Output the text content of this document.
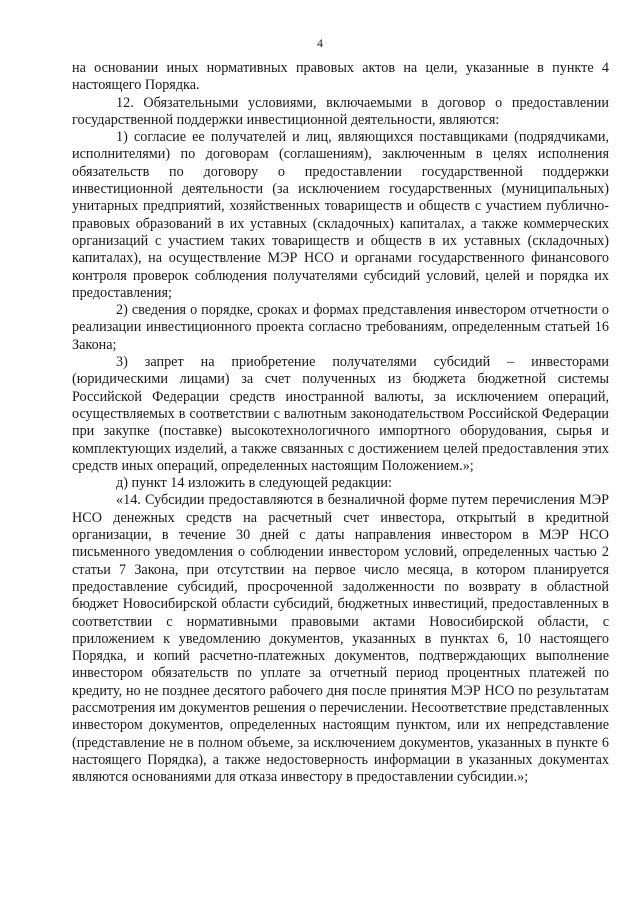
4

на основании иных нормативных правовых актов на цели, указанные в пункте 4 настоящего Порядка.

12. Обязательными условиями, включаемыми в договор о предоставлении государственной поддержки инвестиционной деятельности, являются:

1) согласие ее получателей и лиц, являющихся поставщиками (подрядчиками, исполнителями) по договорам (соглашениям), заключенным в целях исполнения обязательств по договору о предоставлении государственной поддержки инвестиционной деятельности (за исключением государственных (муниципальных) унитарных предприятий, хозяйственных товариществ и обществ с участием публично-правовых образований в их уставных (складочных) капиталах, а также коммерческих организаций с участием таких товариществ и обществ в их уставных (складочных) капиталах), на осуществление МЭР НСО и органами государственного финансового контроля проверок соблюдения получателями субсидий условий, целей и порядка их предоставления;

2) сведения о порядке, сроках и формах представления инвестором отчетности о реализации инвестиционного проекта согласно требованиям, определенным статьей 16 Закона;

3) запрет на приобретение получателями субсидий – инвесторами (юридическими лицами) за счет полученных из бюджета бюджетной системы Российской Федерации средств иностранной валюты, за исключением операций, осуществляемых в соответствии с валютным законодательством Российской Федерации при закупке (поставке) высокотехнологичного импортного оборудования, сырья и комплектующих изделий, а также связанных с достижением целей предоставления этих средств иных операций, определенных настоящим Положением.»;

д) пункт 14 изложить в следующей редакции:

«14. Субсидии предоставляются в безналичной форме путем перечисления МЭР НСО денежных средств на расчетный счет инвестора, открытый в кредитной организации, в течение 30 дней с даты направления инвестором в МЭР НСО письменного уведомления о соблюдении инвестором условий, определенных частью 2 статьи 7 Закона, при отсутствии на первое число месяца, в котором планируется предоставление субсидий, просроченной задолженности по возврату в областной бюджет Новосибирской области субсидий, бюджетных инвестиций, предоставленных в соответствии с нормативными правовыми актами Новосибирской области, с приложением к уведомлению документов, указанных в пунктах 6, 10 настоящего Порядка, и копий расчетно-платежных документов, подтверждающих выполнение инвестором обязательств по уплате за отчетный период процентных платежей по кредиту, но не позднее десятого рабочего дня после принятия МЭР НСО по результатам рассмотрения им документов решения о перечислении. Несоответствие представленных инвестором документов, определенных настоящим пунктом, или их непредставление (представление не в полном объеме, за исключением документов, указанных в пункте 6 настоящего Порядка), а также недостоверность информации в указанных документах являются основаниями для отказа инвестору в предоставлении субсидии.»;
